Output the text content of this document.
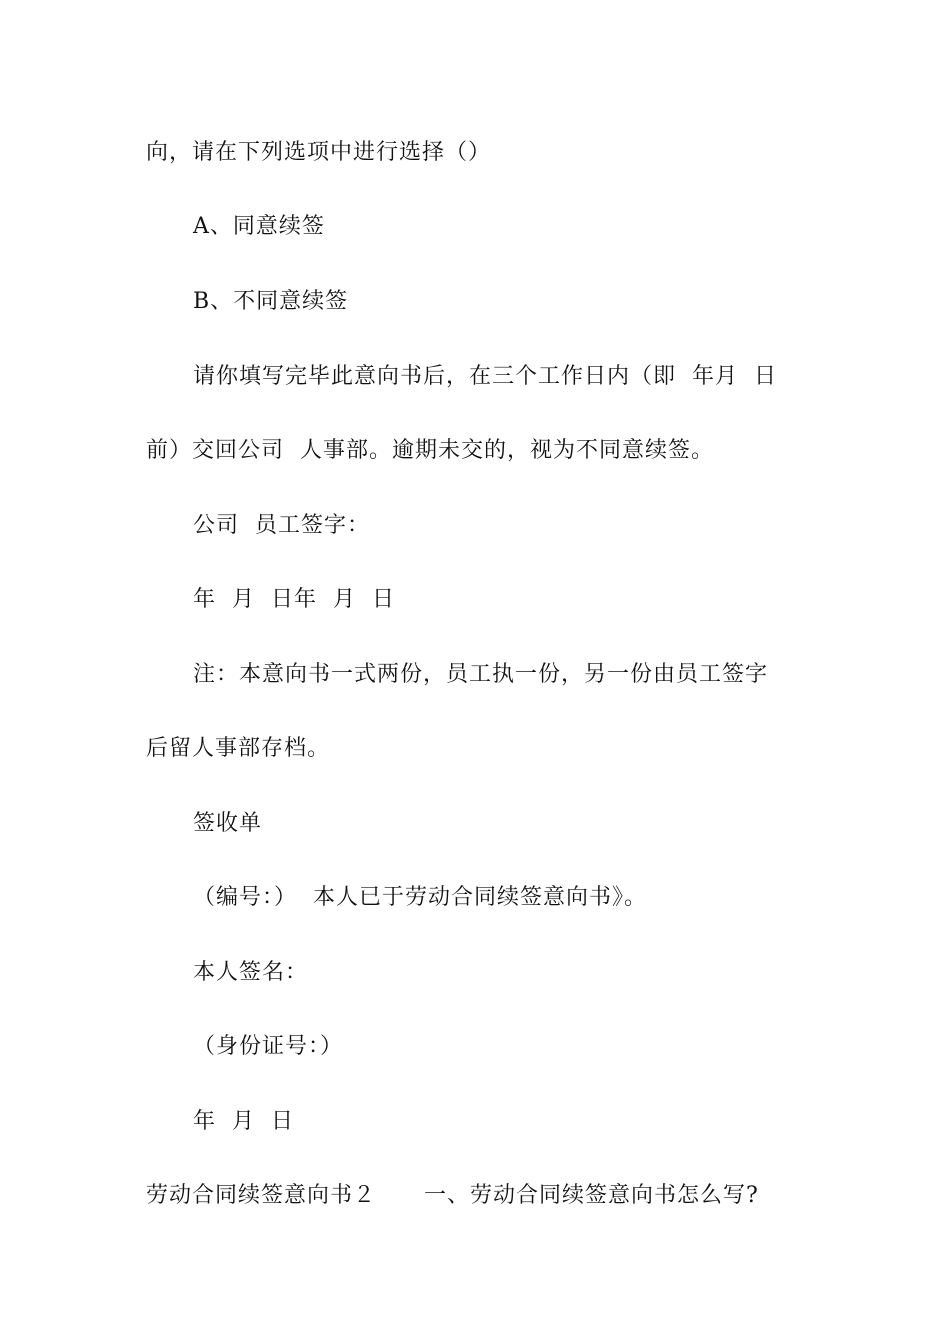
向，请在下列选项中进行选择（）
A、同意续签
B、不同意续签
请你填写完毕此意向书后，在三个工作日内（即  年月  日
前）交回公司  人事部。逾期未交的，视为不同意续签。
公司  员工签字：
年  月  日年  月  日
注：本意向书一式两份，员工执一份，另一份由员工签字
后留人事部存档。
签收单
（编号：）  本人已于劳动合同续签意向书》。
本人签名：
（身份证号：）
年  月  日
劳动合同续签意向书２      一、劳动合同续签意向书怎么写?
